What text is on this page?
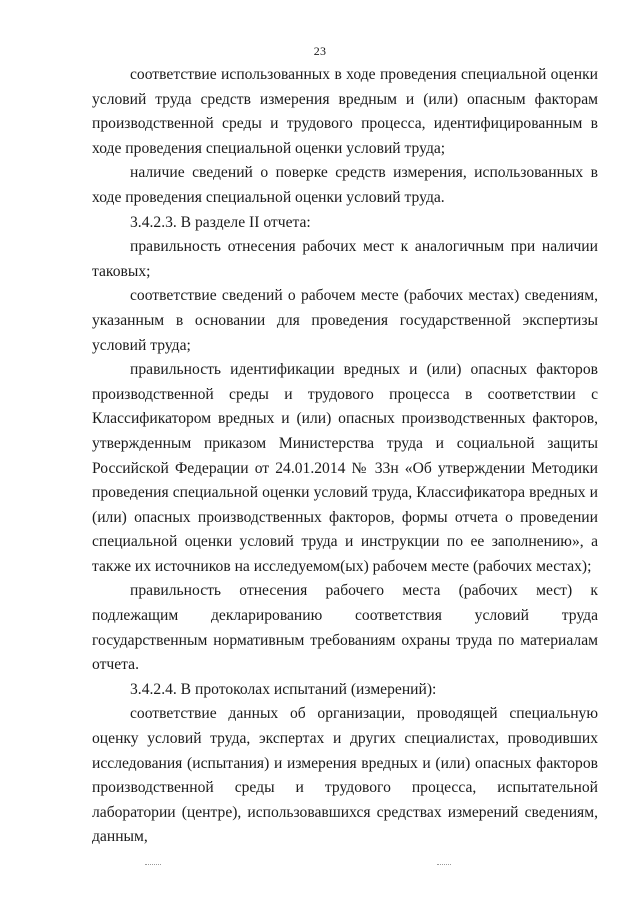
23

соответствие использованных в ходе проведения специальной оценки условий труда средств измерения вредным и (или) опасным факторам производственной среды и трудового процесса, идентифицированным в ходе проведения специальной оценки условий труда;

наличие сведений о поверке средств измерения, использованных в ходе проведения специальной оценки условий труда.

3.4.2.3. В разделе II отчета:

правильность отнесения рабочих мест к аналогичным при наличии таковых;

соответствие сведений о рабочем месте (рабочих местах) сведениям, указанным в основании для проведения государственной экспертизы условий труда;

правильность идентификации вредных и (или) опасных факторов производственной среды и трудового процесса в соответствии с Классификатором вредных и (или) опасных производственных факторов, утвержденным приказом Министерства труда и социальной защиты Российской Федерации от 24.01.2014 № 33н «Об утверждении Методики проведения специальной оценки условий труда, Классификатора вредных и (или) опасных производственных факторов, формы отчета о проведении специальной оценки условий труда и инструкции по ее заполнению», а также их источников на исследуемом(ых) рабочем месте (рабочих местах);

правильность отнесения рабочего места (рабочих мест) к подлежащим декларированию соответствия условий труда государственным нормативным требованиям охраны труда по материалам отчета.

3.4.2.4. В протоколах испытаний (измерений):

соответствие данных об организации, проводящей специальную оценку условий труда, экспертах и других специалистах, проводивших исследования (испытания) и измерения вредных и (или) опасных факторов производственной среды и трудового процесса, испытательной лаборатории (центре), использовавшихся средствах измерений сведениям, данным,
